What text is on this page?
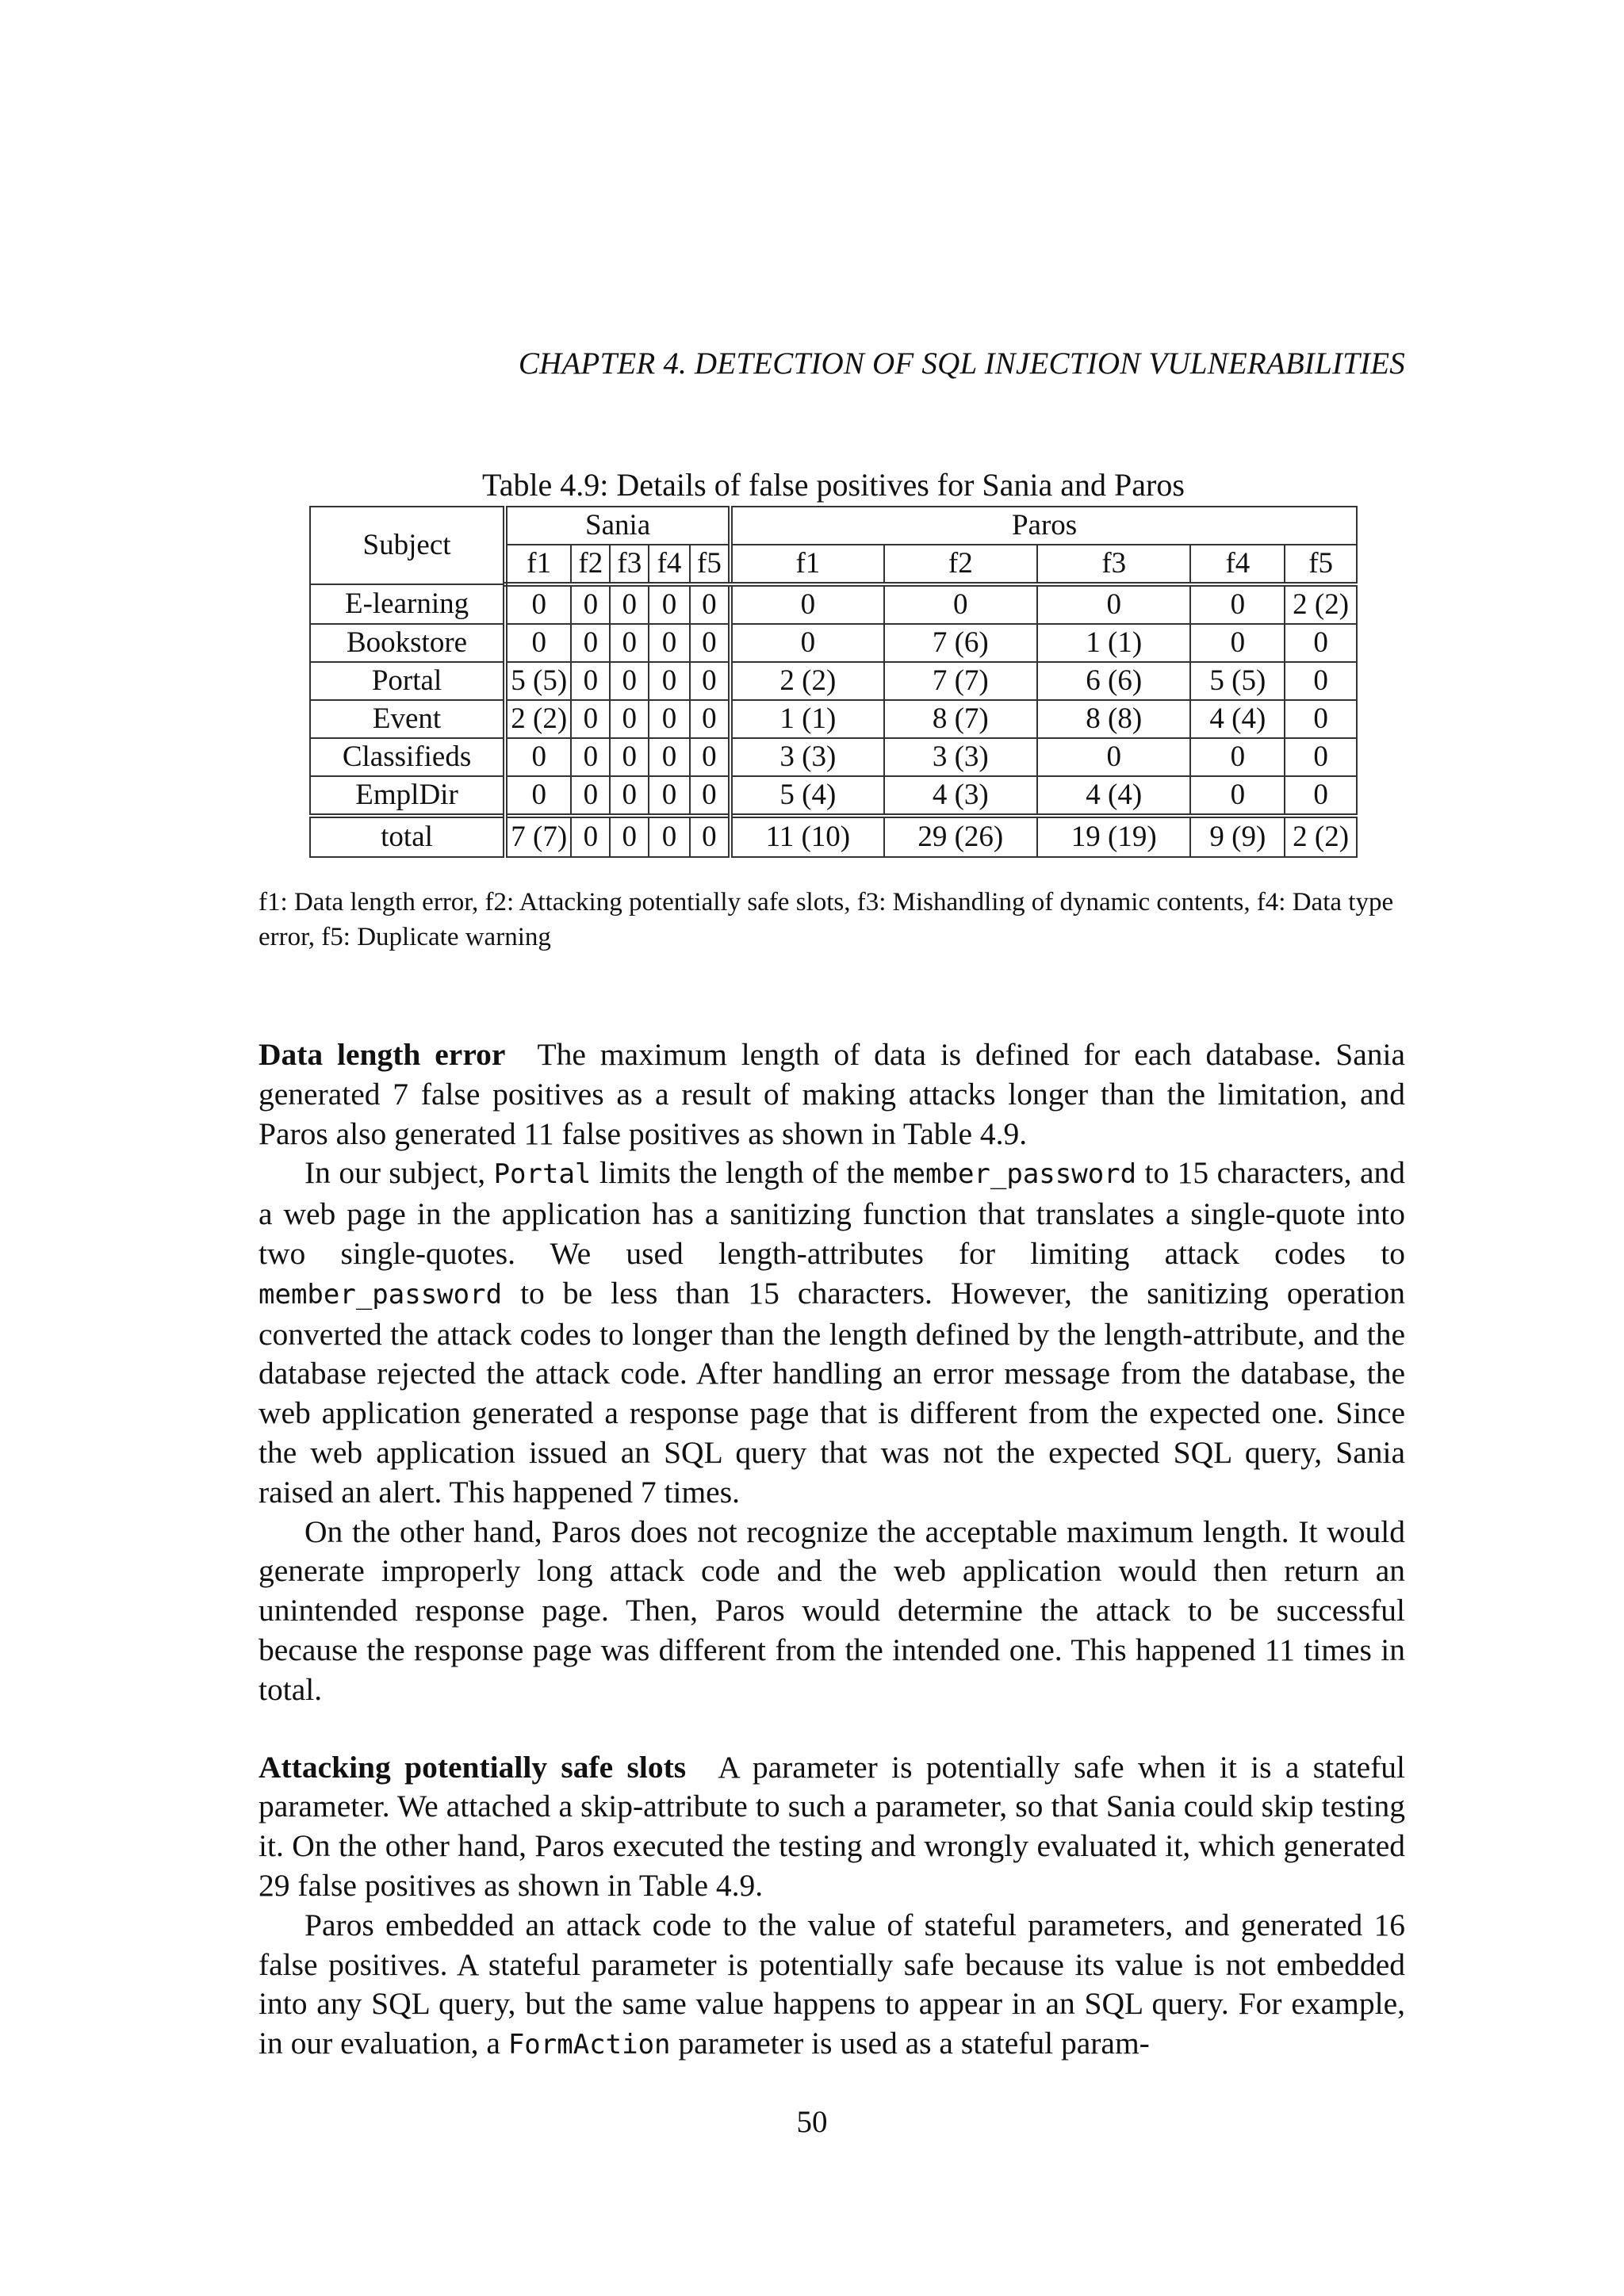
CHAPTER 4. DETECTION OF SQL INJECTION VULNERABILITIES
Table 4.9: Details of false positives for Sania and Paros
Subject	Sania					Paros				
	f1	f2	f3	f4	f5	f1	f2	f3	f4	f5
E-learning	0	0	0	0	0	0	0	0	0	2 (2)
Bookstore	0	0	0	0	0	0	7 (6)	1 (1)	0	0
Portal	5 (5)	0	0	0	0	2 (2)	7 (7)	6 (6)	5 (5)	0
Event	2 (2)	0	0	0	0	1 (1)	8 (7)	8 (8)	4 (4)	0
Classifieds	0	0	0	0	0	3 (3)	3 (3)	0	0	0
EmplDir	0	0	0	0	0	5 (4)	4 (3)	4 (4)	0	0
total	7 (7)	0	0	0	0	11 (10)	29 (26)	19 (19)	9 (9)	2 (2)
f1: Data length error, f2: Attacking potentially safe slots, f3: Mishandling of dynamic contents, f4: Data type error, f5: Duplicate warning

Data length error The maximum length of data is defined for each database. Sania generated 7 false positives as a result of making attacks longer than the limitation, and Paros also generated 11 false positives as shown in Table 4.9.

In our subject, Portal limits the length of the member_password to 15 characters, and a web page in the application has a sanitizing function that translates a single-quote into two single-quotes. We used length-attributes for limiting attack codes to member_password to be less than 15 characters. However, the sanitizing operation converted the attack codes to longer than the length defined by the length-attribute, and the database rejected the attack code. After handling an error message from the database, the web application generated a response page that is different from the expected one. Since the web application issued an SQL query that was not the expected SQL query, Sania raised an alert. This happened 7 times.

On the other hand, Paros does not recognize the acceptable maximum length. It would generate improperly long attack code and the web application would then return an unintended response page. Then, Paros would determine the attack to be successful because the response page was different from the intended one. This happened 11 times in total.

Attacking potentially safe slots A parameter is potentially safe when it is a stateful parameter. We attached a skip-attribute to such a parameter, so that Sania could skip testing it. On the other hand, Paros executed the testing and wrongly evaluated it, which generated 29 false positives as shown in Table 4.9.

Paros embedded an attack code to the value of stateful parameters, and generated 16 false positives. A stateful parameter is potentially safe because its value is not embedded into any SQL query, but the same value happens to appear in an SQL query. For example, in our evaluation, a FormAction parameter is used as a stateful param-

50
